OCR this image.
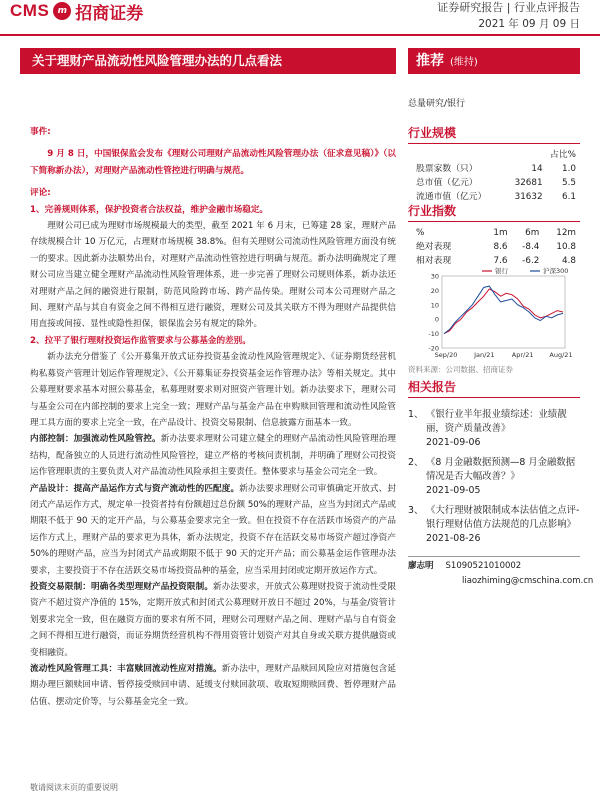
CMS m 招商证券	证券研究报告 | 行业点评报告
2021 年 09 月 09 日
关于理财产品流动性风险管理办法的几点看法	推荐 (维持)

事件:

9 月 8 日，中国银保监会发布《理财公司理财产品流动性风险管理办法（征求意见稿）》（以下简称新办法），对理财产品流动性管控进行明确与规范。

评论:

1、完善规则体系，保护投资者合法权益，维护金融市场稳定。

理财公司已成为理财市场规模最大的类型，截至 2021 年 6 月末，已筹建 28 家，理财产品存续规模合计 10 万亿元，占理财市场规模 38.8%。但有关理财公司流动性风险管理方面没有统一的要求。因此新办法顺势出台，对理财产品流动性管控进行明确与规范。新办法明确规定了理财公司应当建立健全理财产品流动性风险管理体系，进一步完善了理财公司规则体系，新办法还对理财产品之间的融资进行限制，防范风险跨市场、跨产品传染。理财公司本公司理财产品之间、理财产品与其自有资金之间不得相互进行融资，理财公司及其关联方不得为理财产品提供信用直接或间接、显性或隐性担保，银保监会另有规定的除外。

2、拉平了银行理财投资运作监管要求与公募基金的差别。

新办法充分借鉴了《公开募集开放式证券投资基金流动性风险管理规定》、《证券期货经营机构私募资产管理计划运作管理规定》、《公开募集证券投资基金运作管理办法》等相关规定。其中公募理财要求基本对照公募基金，私募理财要求则对照资产管理计划。新办法要求下，理财公司与基金公司在内部控制的要求上完全一致；理财产品与基金产品在申购赎回管理和流动性风险管理工具方面的要求上完全一致，在产品设计、投资交易限制、信息披露方面基本一致。

内部控制：加强流动性风险管控。新办法要求理财公司建立健全的理财产品流动性风险管理治理结构，配备独立的人员进行流动性风险管控，建立严格的考核问责机制，并明确了理财公司投资运作管理职责的主要负责人对产品流动性风险承担主要责任。整体要求与基金公司完全一致。

产品设计：提高产品运作方式与资产流动性的匹配度。新办法要求理财公司审慎确定开放式、封闭式产品运作方式，规定单一投资者持有份额超过总份额 50%的理财产品，应当为封闭式产品或期限不低于 90 天的定开产品，与公募基金要求完全一致。但在投资不存在活跃市场资产的产品运作方式上，理财产品的要求更为具体，新办法规定，投资不存在活跃交易市场资产超过净资产 50%的理财产品，应当为封闭式产品或期限不低于 90 天的定开产品；而公募基金运作管理办法要求，主要投资于不存在活跃交易市场投资品种的基金，应当采用封闭或定期开放运作方式。

投资交易限制：明确各类型理财产品投资限制。新办法要求，开放式公募理财投资于流动性受限资产不超过资产净值的 15%，定期开放式和封闭式公募理财开放日不超过 20%，与基金/资管计划要求完全一致，但在融资方面的要求有所不同，理财公司理财产品之间、理财产品与自有资金之间不得相互进行融资，而证券期货经营机构不得用资管计划资产对其自身或关联方提供融资或变相融资。

流动性风险管理工具：丰富赎回流动性应对措施。新办法中，理财产品赎回风险应对措施包含延期办理巨额赎回申请、暂停接受赎回申请、延缓支付赎回款项、收取短期赎回费、暂停理财产品估值、摆动定价等，与公募基金完全一致。

总量研究/银行
行业规模
		占比%
股票家数（只）	14	1.0
总市值（亿元）	32681	5.5
流通市值（亿元）	31632	6.1
行业指数
%	1m	6m	12m
绝对表现	8.6	-8.4	10.8
相对表现	7.6	-6.2	4.8
30
20
10
0
-10
-20
Sep/20	Jan/21	Apr/21 Aug/21
银行	沪深300
资料来源：公司数据、招商证券
相关报告
1、 《银行业半年报业绩综述：业绩靓丽，资产质量改善》
2021-09-06
2、 《8 月金融数据预测—8 月金融数据情况是否大幅改善？》
2021-09-05
3、 《大行理财被限制成本法估值之点评-银行理财估值方法规范的几点影响》
2021-08-26
廖志明 S1090521010002
liaozhiming@cmschina.com.cn
敬请阅读末页的重要说明
